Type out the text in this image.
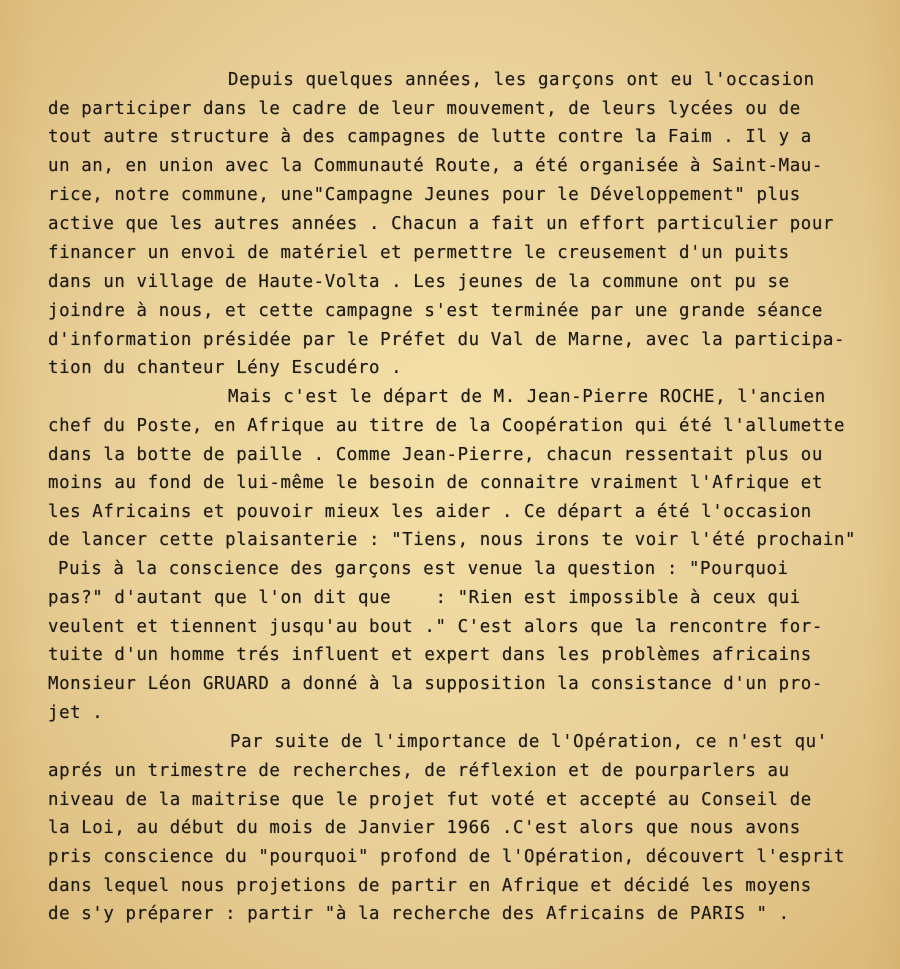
Depuis quelques années, les garçons ont eu l'occasion
de participer dans le cadre de leur mouvement, de leurs lycées ou de
tout autre structure à des campagnes de lutte contre la Faim . Il y a
un an, en union avec la Communauté Route, a été organisée à Saint-Mau-
rice, notre commune, une"Campagne Jeunes pour le Développement" plus
active que les autres années . Chacun a fait un effort particulier pour
financer un envoi de matériel et permettre le creusement d'un puits
dans un village de Haute-Volta . Les jeunes de la commune ont pu se
joindre à nous, et cette campagne s'est terminée par une grande séance
d'information présidée par le Préfet du Val de Marne, avec la participa-
tion du chanteur Lény Escudéro .
Mais c'est le départ de M. Jean-Pierre ROCHE, l'ancien
chef du Poste, en Afrique au titre de la Coopération qui été l'allumette
dans la botte de paille . Comme Jean-Pierre, chacun ressentait plus ou
moins au fond de lui-même le besoin de connaitre vraiment l'Afrique et
les Africains et pouvoir mieux les aider . Ce départ a été l'occasion
de lancer cette plaisanterie : "Tiens, nous irons te voir l'été prochain"
Puis à la conscience des garçons est venue la question : "Pourquoi
pas?" d'autant que l'on dit que    : "Rien est impossible à ceux qui
veulent et tiennent jusqu'au bout ." C'est alors que la rencontre for-
tuite d'un homme trés influent et expert dans les problèmes africains
Monsieur Léon GRUARD a donné à la supposition la consistance d'un pro-
jet .
Par suite de l'importance de l'Opération, ce n'est qu'
aprés un trimestre de recherches, de réflexion et de pourparlers au
niveau de la maitrise que le projet fut voté et accepté au Conseil de
la Loi, au début du mois de Janvier 1966 .C'est alors que nous avons
pris conscience du "pourquoi" profond de l'Opération, découvert l'esprit
dans lequel nous projetions de partir en Afrique et décidé les moyens
de s'y préparer : partir "à la recherche des Africains de PARIS " .
